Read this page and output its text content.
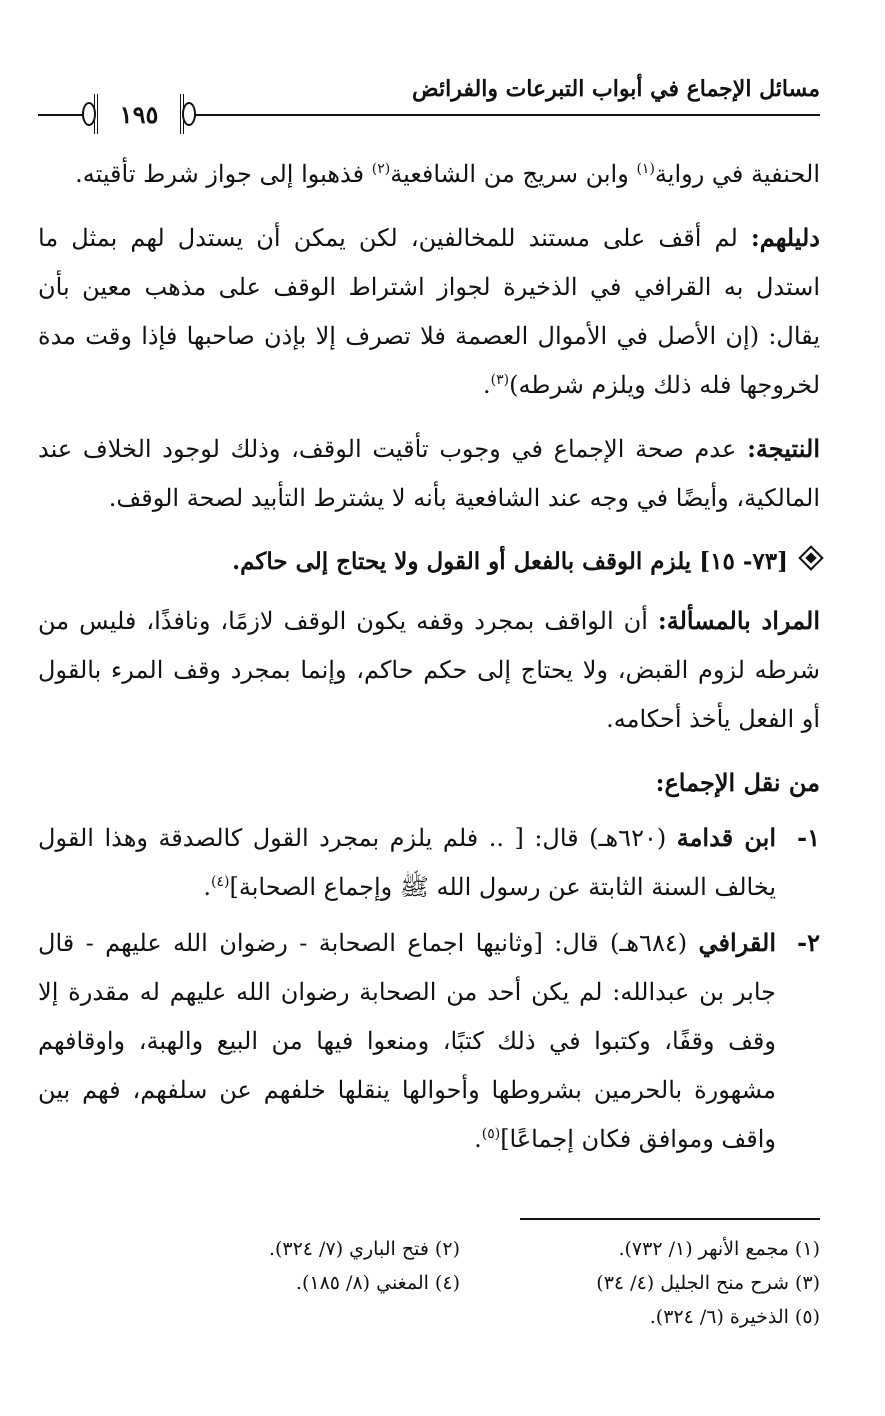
مسائل الإجماع في أبواب التبرعات والفرائض
١٩٥

الحنفية في رواية$^{(١)}$ وابن سريج من الشافعية$^{(٢)}$ فذهبوا إلى جواز شرط تأقيته.

دليلهم: لم أقف على مستند للمخالفين، لكن يمكن أن يستدل لهم بمثل ما استدل به القرافي في الذخيرة لجواز اشتراط الوقف على مذهب معين بأن يقال: (إن الأصل في الأموال العصمة فلا تصرف إلا بإذن صاحبها فإذا وقت مدة لخروجها فله ذلك ويلزم شرطه)$^{(٣)}$.

النتيجة: عدم صحة الإجماع في وجوب تأقيت الوقف، وذلك لوجود الخلاف عند المالكية، وأيضًا في وجه عند الشافعية بأنه لا يشترط التأبيد لصحة الوقف.

[٧٣- ١٥] يلزم الوقف بالفعل أو القول ولا يحتاج إلى حاكم.

المراد بالمسألة: أن الواقف بمجرد وقفه يكون الوقف لازمًا، ونافذًا، فليس من شرطه لزوم القبض، ولا يحتاج إلى حكم حاكم، وإنما بمجرد وقف المرء بالقول أو الفعل يأخذ أحكامه.

من نقل الإجماع:
١-
ابن قدامة (٦٢٠هـ) قال: [ .. فلم يلزم بمجرد القول كالصدقة وهذا القول يخالف السنة الثابتة عن رسول الله ﷺ وإجماع الصحابة]$^{(٤)}$.
٢-
القرافي (٦٨٤هـ) قال: [وثانيها اجماع الصحابة - رضوان الله عليهم - قال جابر بن عبدالله: لم يكن أحد من الصحابة رضوان الله عليهم له مقدرة إلا وقف وقفًا، وكتبوا في ذلك كتبًا، ومنعوا فيها من البيع والهبة، واوقافهم مشهورة بالحرمين بشروطها وأحوالها ينقلها خلفهم عن سلفهم، فهم بين واقف وموافق فكان إجماعًا]$^{(٥)}$.
(١) مجمع الأنهر (١/ ٧٣٢).
(٢) فتح الباري (٧/ ٣٢٤).
(٣) شرح منح الجليل (٤/ ٣٤)
(٤) المغني (٨/ ١٨٥).
(٥) الذخيرة (٦/ ٣٢٤).
